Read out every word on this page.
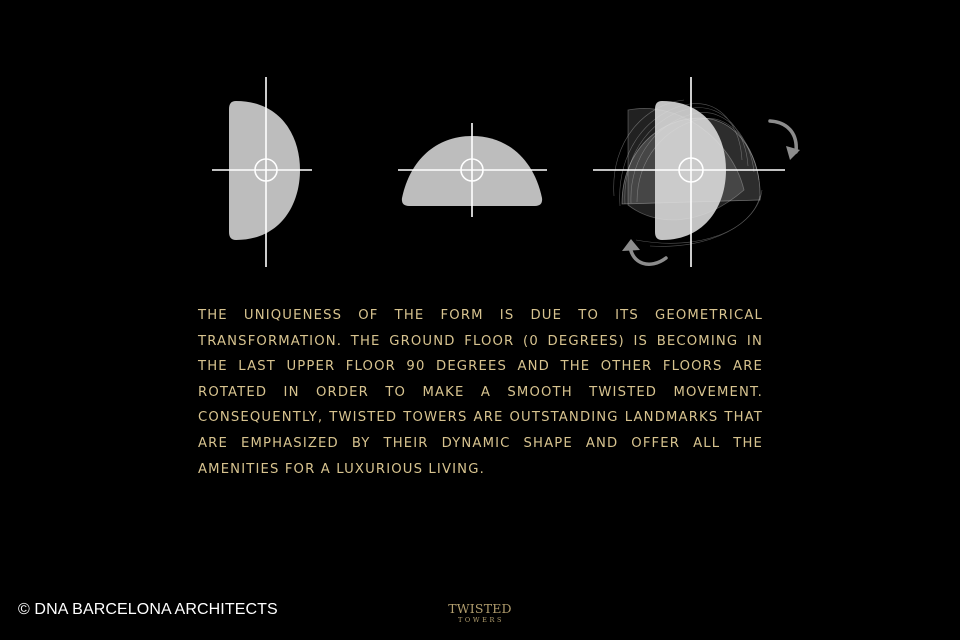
THE UNIQUENESS OF THE FORM IS DUE TO ITS GEOMETRICAL TRANSFORMATION. THE GROUND FLOOR (0 DEGREES) IS BECOMING IN THE LAST UPPER FLOOR 90 DEGREES AND THE OTHER FLOORS ARE ROTATED IN ORDER TO MAKE A SMOOTH TWISTED MOVEMENT. CONSEQUENTLY, TWISTED TOWERS ARE OUTSTANDING LANDMARKS THAT ARE EMPHASIZED BY THEIR DYNAMIC SHAPE AND OFFER ALL THE AMENITIES FOR A LUXURIOUS LIVING.

© DNA BARCELONA ARCHITECTS	TWISTED
TOWERS
